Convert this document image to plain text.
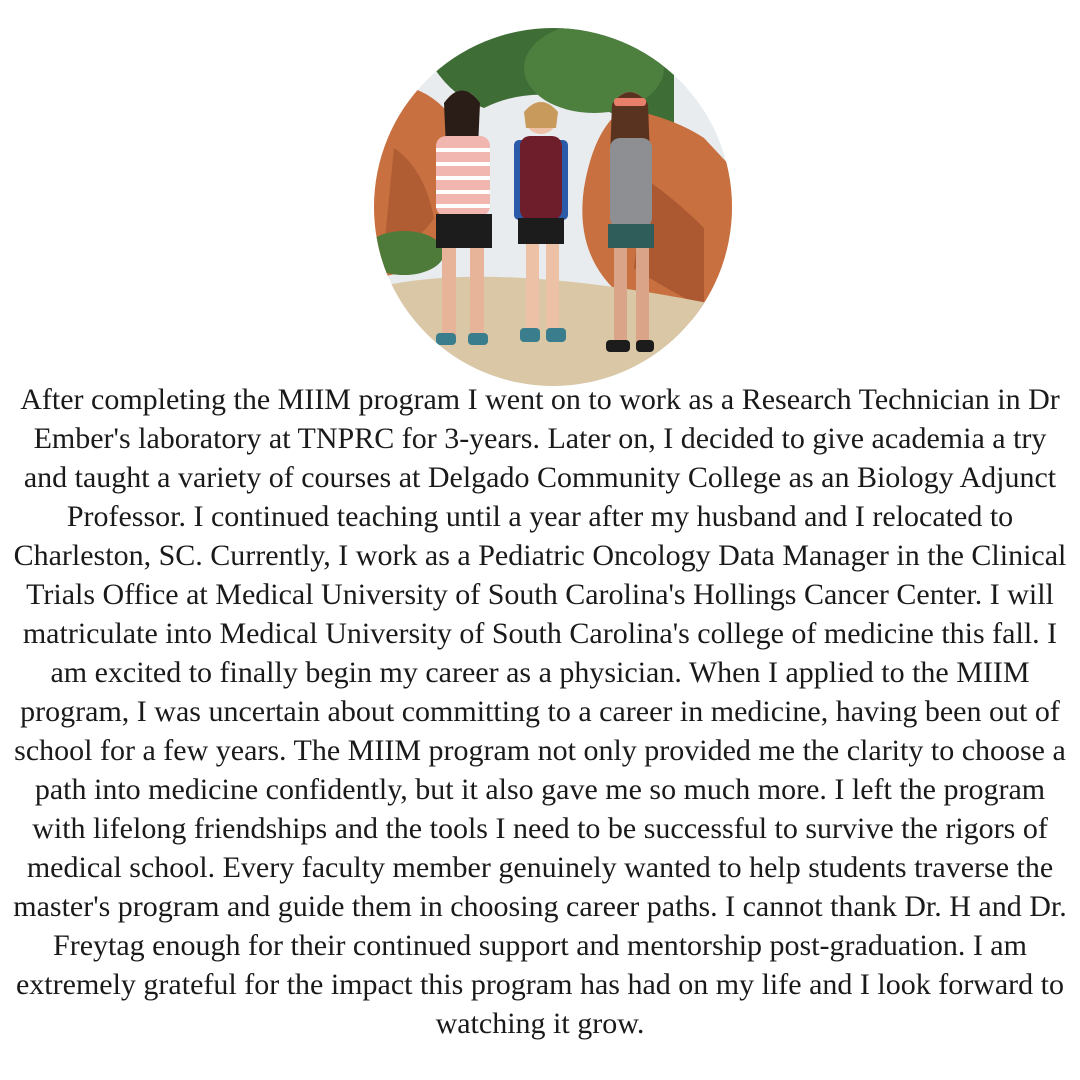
After completing the MIIM program I went on to work as a Research Technician in Dr Ember's laboratory at TNPRC for 3-years. Later on, I decided to give academia a try and taught a variety of courses at Delgado Community College as an Biology Adjunct Professor. I continued teaching until a year after my husband and I relocated to Charleston, SC. Currently, I work as a Pediatric Oncology Data Manager in the Clinical Trials Office at Medical University of South Carolina's Hollings Cancer Center. I will matriculate into Medical University of South Carolina's college of medicine this fall. I am excited to finally begin my career as a physician. When I applied to the MIIM program, I was uncertain about committing to a career in medicine, having been out of school for a few years. The MIIM program not only provided me the clarity to choose a path into medicine confidently, but it also gave me so much more. I left the program with lifelong friendships and the tools I need to be successful to survive the rigors of medical school. Every faculty member genuinely wanted to help students traverse the master's program and guide them in choosing career paths. I cannot thank Dr. H and Dr. Freytag enough for their continued support and mentorship post-graduation. I am extremely grateful for the impact this program has had on my life and I look forward to watching it grow.
